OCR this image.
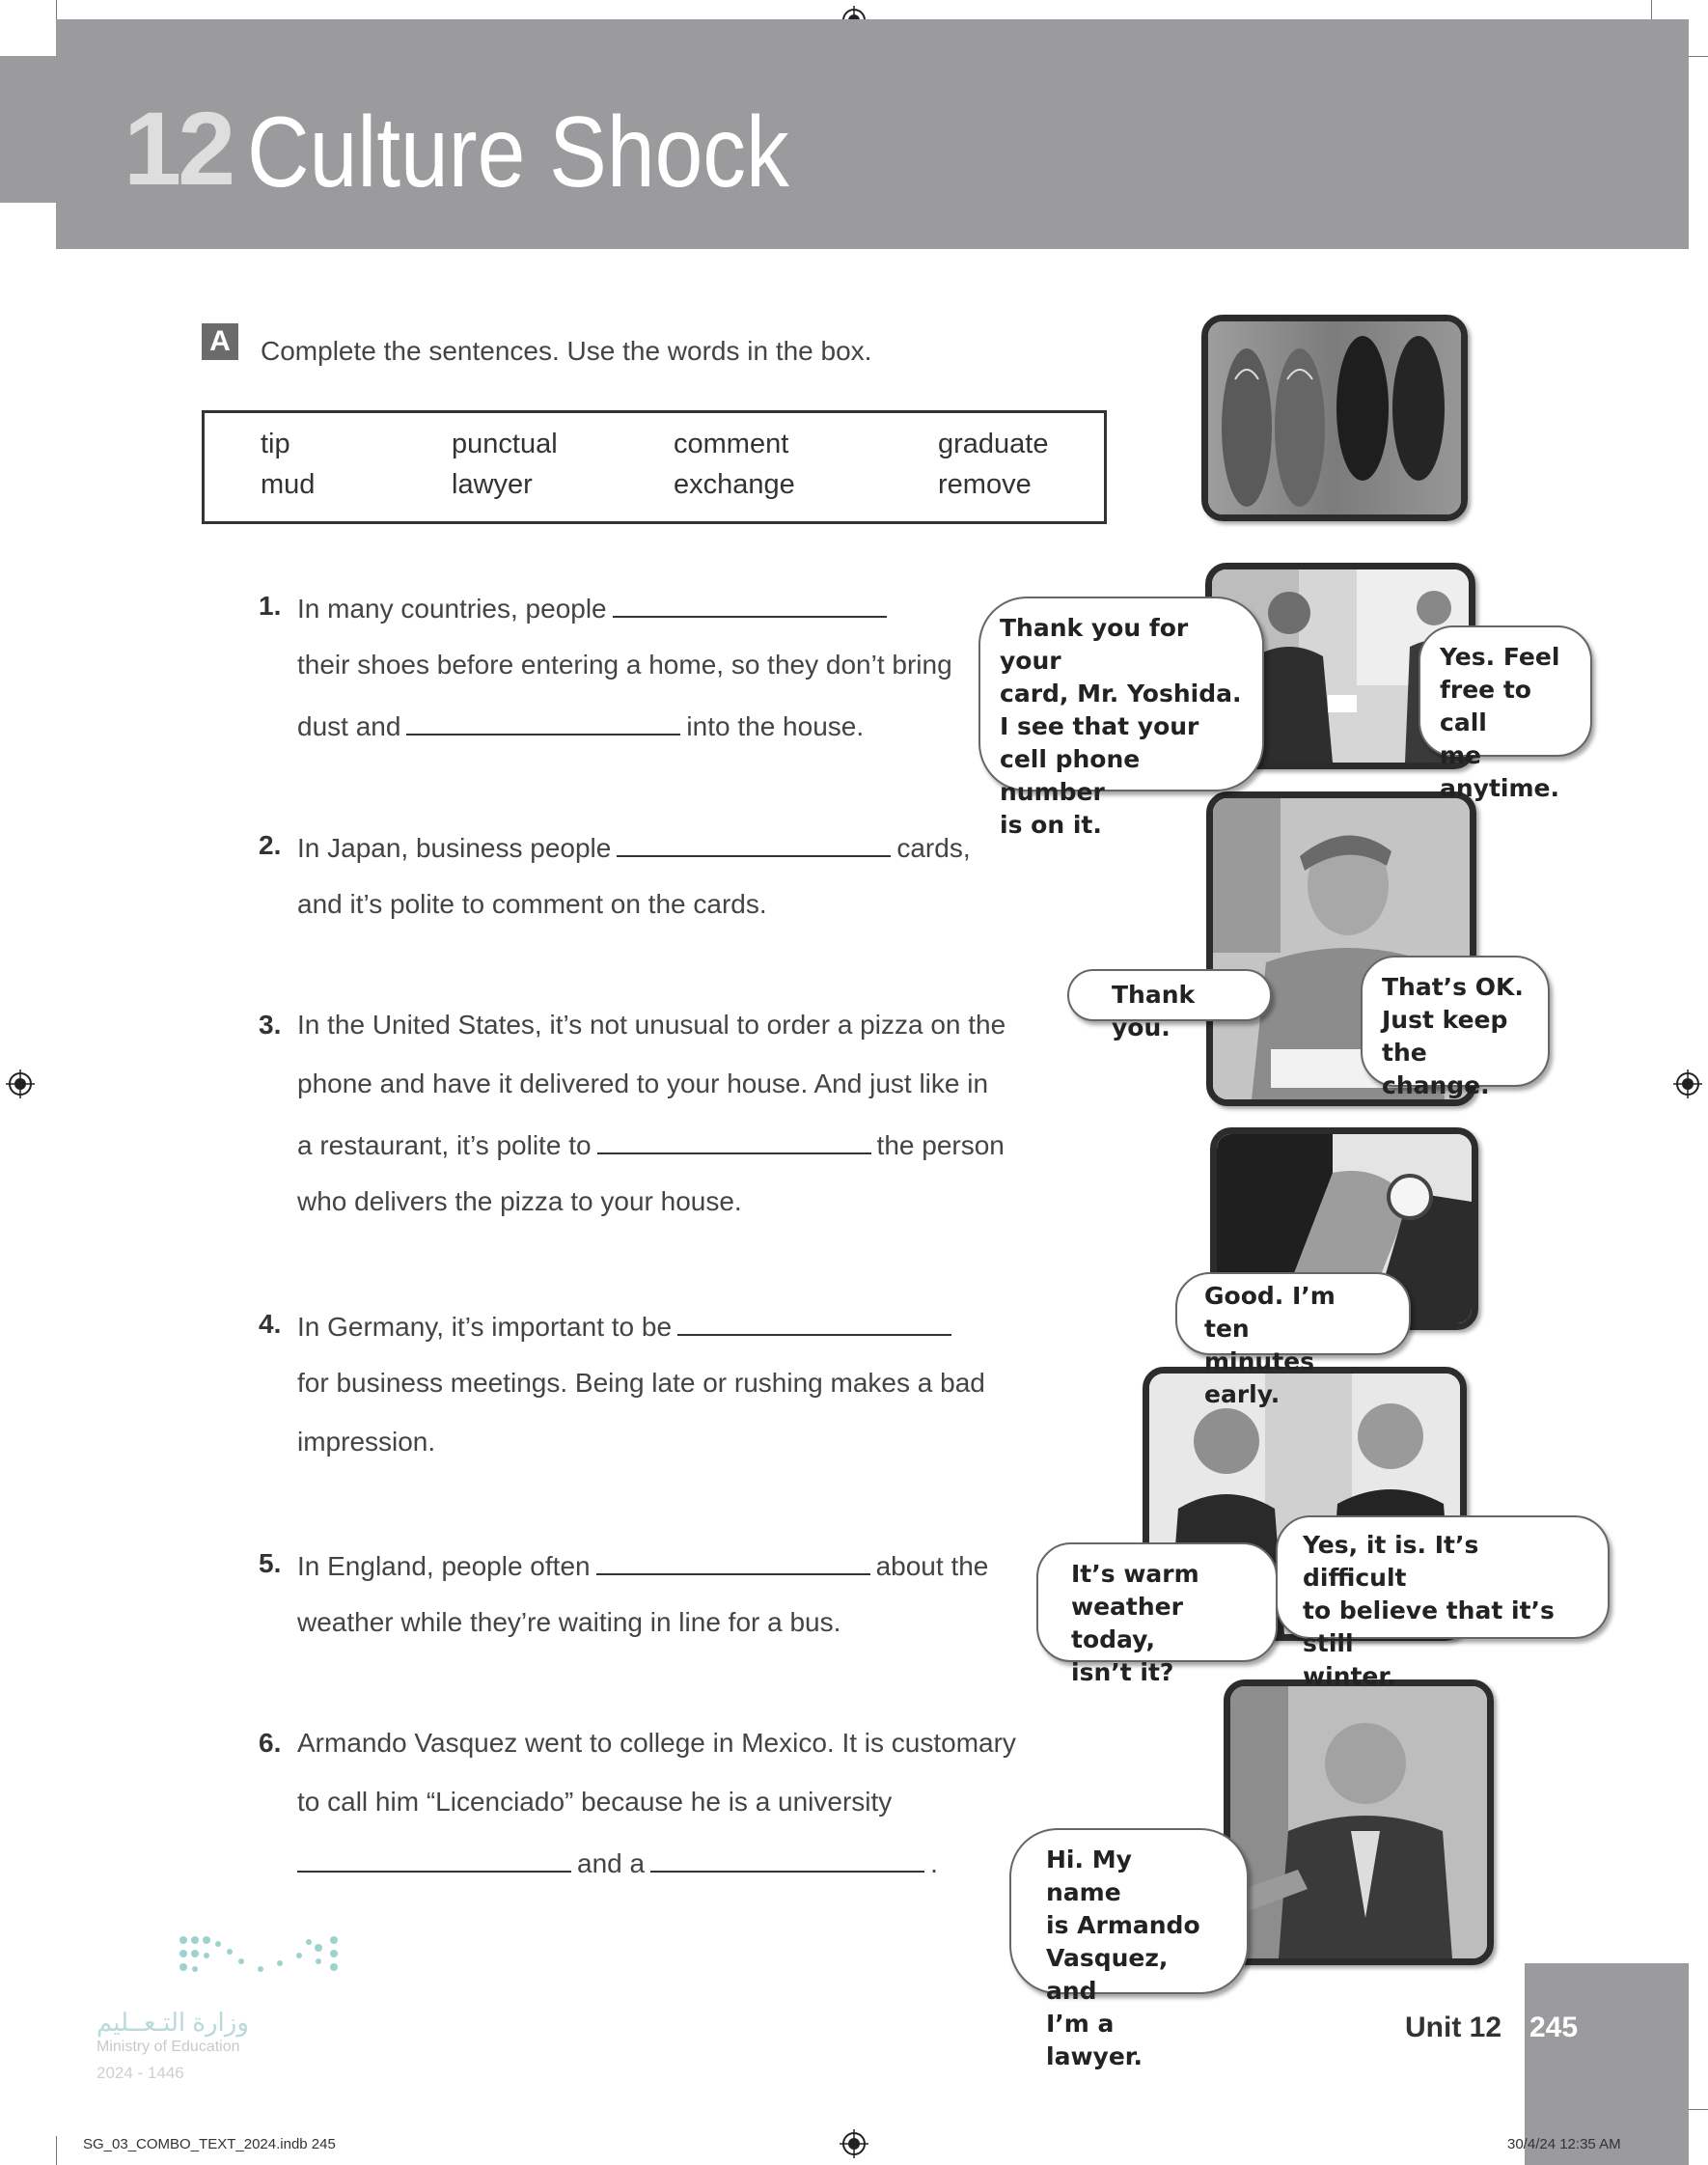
12 Culture Shock
A Complete the sentences. Use the words in the box.
tip	punctual	comment	graduate
mud	lawyer	exchange	remove
1. In many countries, people
their shoes before entering a home, so they don’t bring
dust and	into the house.
2. In Japan, business people	cards,
and it’s polite to comment on the cards.
3. In the United States, it’s not unusual to order a pizza on the
phone and have it delivered to your house. And just like in
a restaurant, it’s polite to	the person
who delivers the pizza to your house.
4. In Germany, it’s important to be
for business meetings. Being late or rushing makes a bad
impression.
5. In England, people often	about the
weather while they’re waiting in line for a bus.
6. Armando Vasquez went to college in Mexico. It is customary
to call him “Licenciado” because he is a university
and a	.
Thank you for your
card, Mr. Yoshida.
I see that your
cell phone number
is on it.
Yes. Feel
free to call
me anytime.
Thank you.
That’s OK.
Just keep the
change.
Good. I’m ten
minutes early.
It’s warm
weather today,
isn’t it?
Yes, it is. It’s difficult
to believe that it’s still
winter.
Hi. My name
is Armando
Vasquez, and
I’m a lawyer.
وزارة التـعــليم
Ministry of Education
2024 - 1446
Unit 12 245
SG_03_COMBO_TEXT_2024.indb 245	30/4/24 12:35 AM
